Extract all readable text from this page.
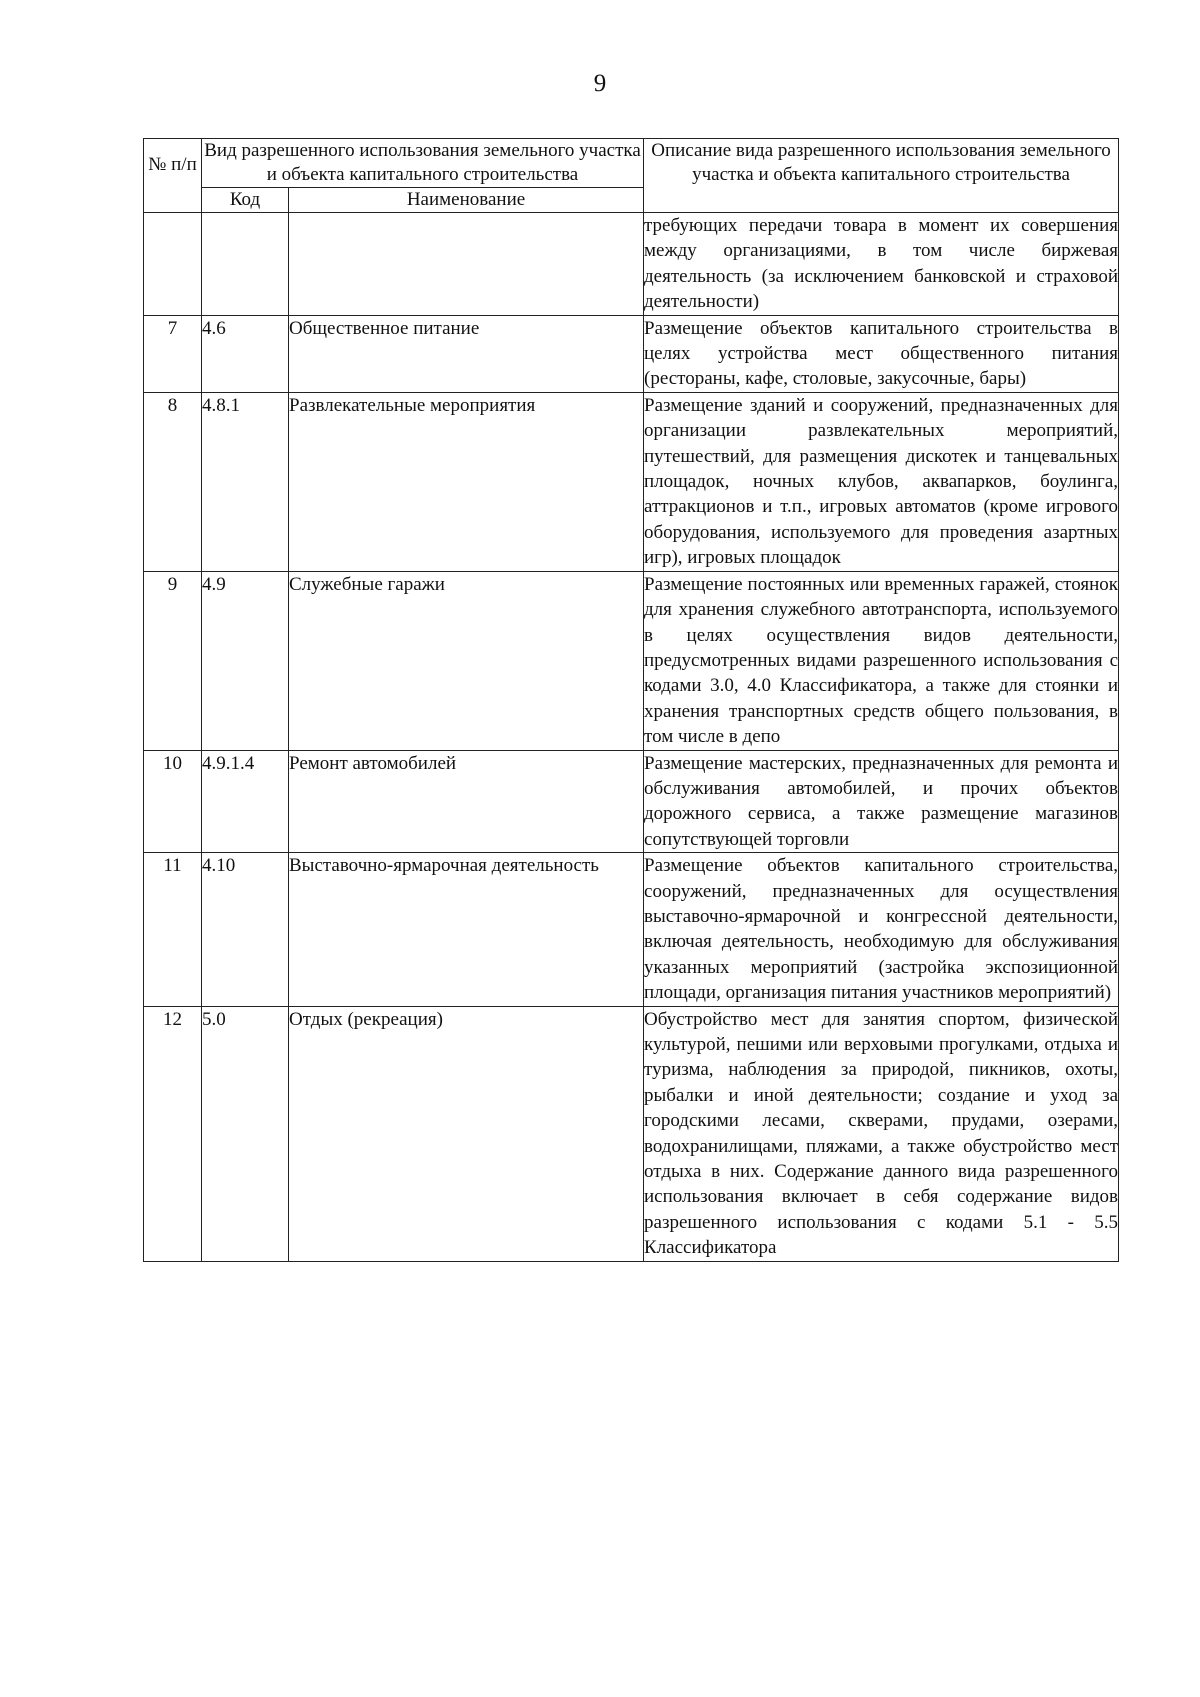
9
№ п/п	Вид разрешенного использования земельного участка и объекта капитального строительства		Описание вида разрешенного использования земельного участка и объекта капитального строительства
	Код	Наименование	
			требующих передачи товара в момент их совершения между организациями, в том числе биржевая деятельность (за исключением банковской и страховой деятельности)
7	4.6	Общественное питание	Размещение объектов капитального строительства в целях устройства мест общественного питания (рестораны, кафе, столовые, закусочные, бары)
8	4.8.1	Развлекательные мероприятия	Размещение зданий и сооружений, предназначенных для организации развлекательных мероприятий, путешествий, для размещения дискотек и танцевальных площадок, ночных клубов, аквапарков, боулинга, аттракционов и т.п., игровых автоматов (кроме игрового оборудования, используемого для проведения азартных игр), игровых площадок
9	4.9	Служебные гаражи	Размещение постоянных или временных гаражей, стоянок для хранения служебного автотранспорта, используемого в целях осуществления видов деятельности, предусмотренных видами разрешенного использования с кодами 3.0, 4.0 Классификатора, а также для стоянки и хранения транспортных средств общего пользования, в том числе в депо
10	4.9.1.4	Ремонт автомобилей	Размещение мастерских, предназначенных для ремонта и обслуживания автомобилей, и прочих объектов дорожного сервиса, а также размещение магазинов сопутствующей торговли
11	4.10	Выставочно-ярмарочная деятельность	Размещение объектов капитального строительства, сооружений, предназначенных для осуществления выставочно-ярмарочной и конгрессной деятельности, включая деятельность, необходимую для обслуживания указанных мероприятий (застройка экспозиционной площади, организация питания участников мероприятий)
12	5.0	Отдых (рекреация)	Обустройство мест для занятия спортом, физической культурой, пешими или верховыми прогулками, отдыха и туризма, наблюдения за природой, пикников, охоты, рыбалки и иной деятельности; создание и уход за городскими лесами, скверами, прудами, озерами, водохранилищами, пляжами, а также обустройство мест отдыха в них. Содержание данного вида разрешенного использования включает в себя содержание видов разрешенного использования с кодами 5.1 - 5.5 Классификатора
